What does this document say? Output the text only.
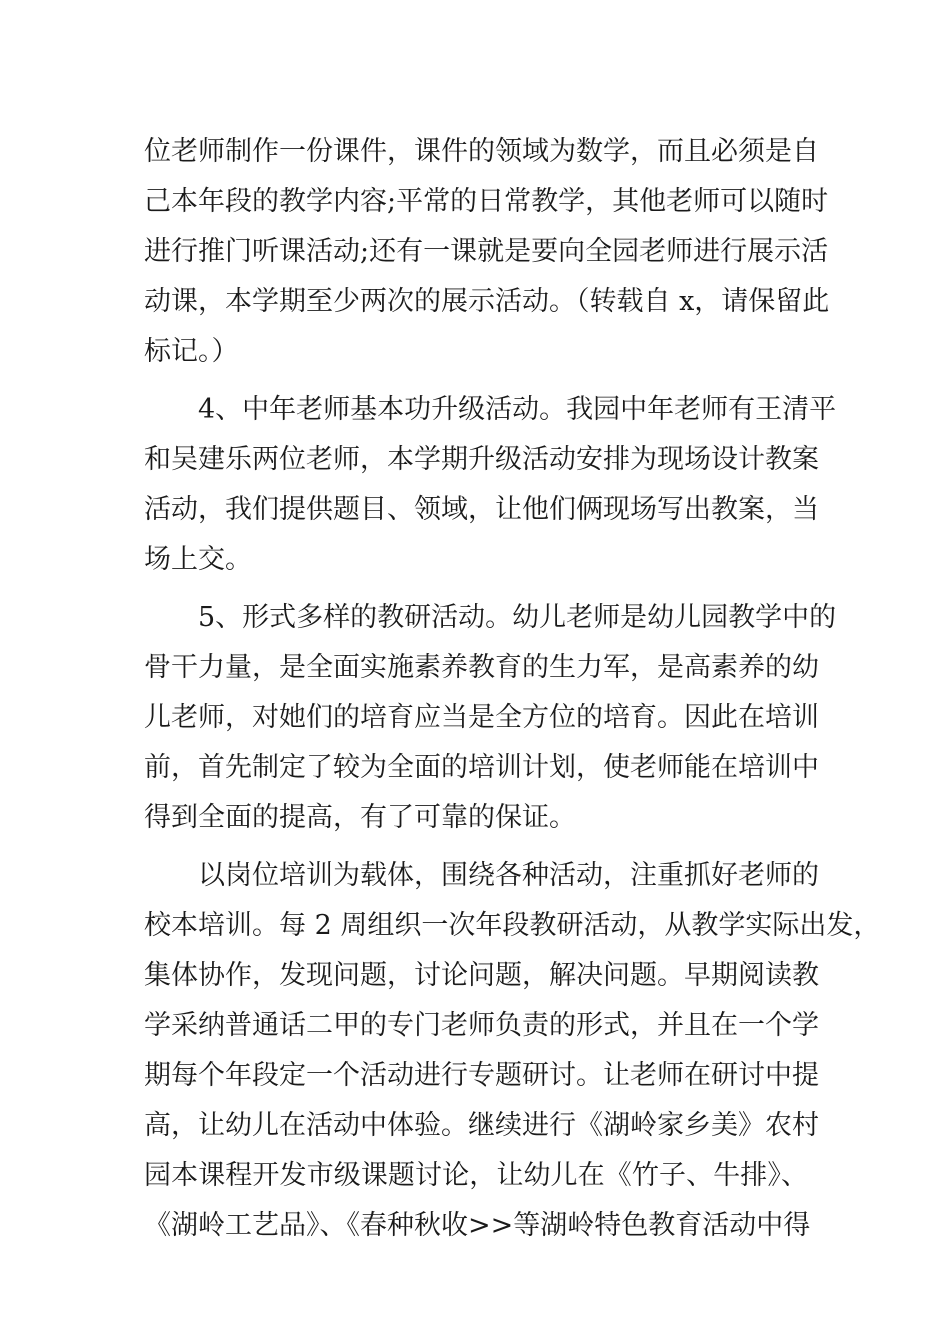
位老师制作一份课件，课件的领域为数学，而且必须是自
己本年段的教学内容;平常的日常教学，其他老师可以随时
进行推门听课活动;还有一课就是要向全园老师进行展示活
动课，本学期至少两次的展示活动。（转载自 x，请保留此
标记。）
4、中年老师基本功升级活动。我园中年老师有王清平
和吴建乐两位老师，本学期升级活动安排为现场设计教案
活动，我们提供题目、领域，让他们俩现场写出教案，当
场上交。
5、形式多样的教研活动。幼儿老师是幼儿园教学中的
骨干力量，是全面实施素养教育的生力军，是高素养的幼
儿老师，对她们的培育应当是全方位的培育。因此在培训
前，首先制定了较为全面的培训计划，使老师能在培训中
得到全面的提高，有了可靠的保证。
以岗位培训为载体，围绕各种活动，注重抓好老师的
校本培训。每 2 周组织一次年段教研活动，从教学实际出发，
集体协作，发现问题，讨论问题，解决问题。早期阅读教
学采纳普通话二甲的专门老师负责的形式，并且在一个学
期每个年段定一个活动进行专题研讨。让老师在研讨中提
高，让幼儿在活动中体验。继续进行《湖岭家乡美》农村
园本课程开发市级课题讨论，让幼儿在《竹子、牛排》、
《湖岭工艺品》、《春种秋收>>等湖岭特色教育活动中得
